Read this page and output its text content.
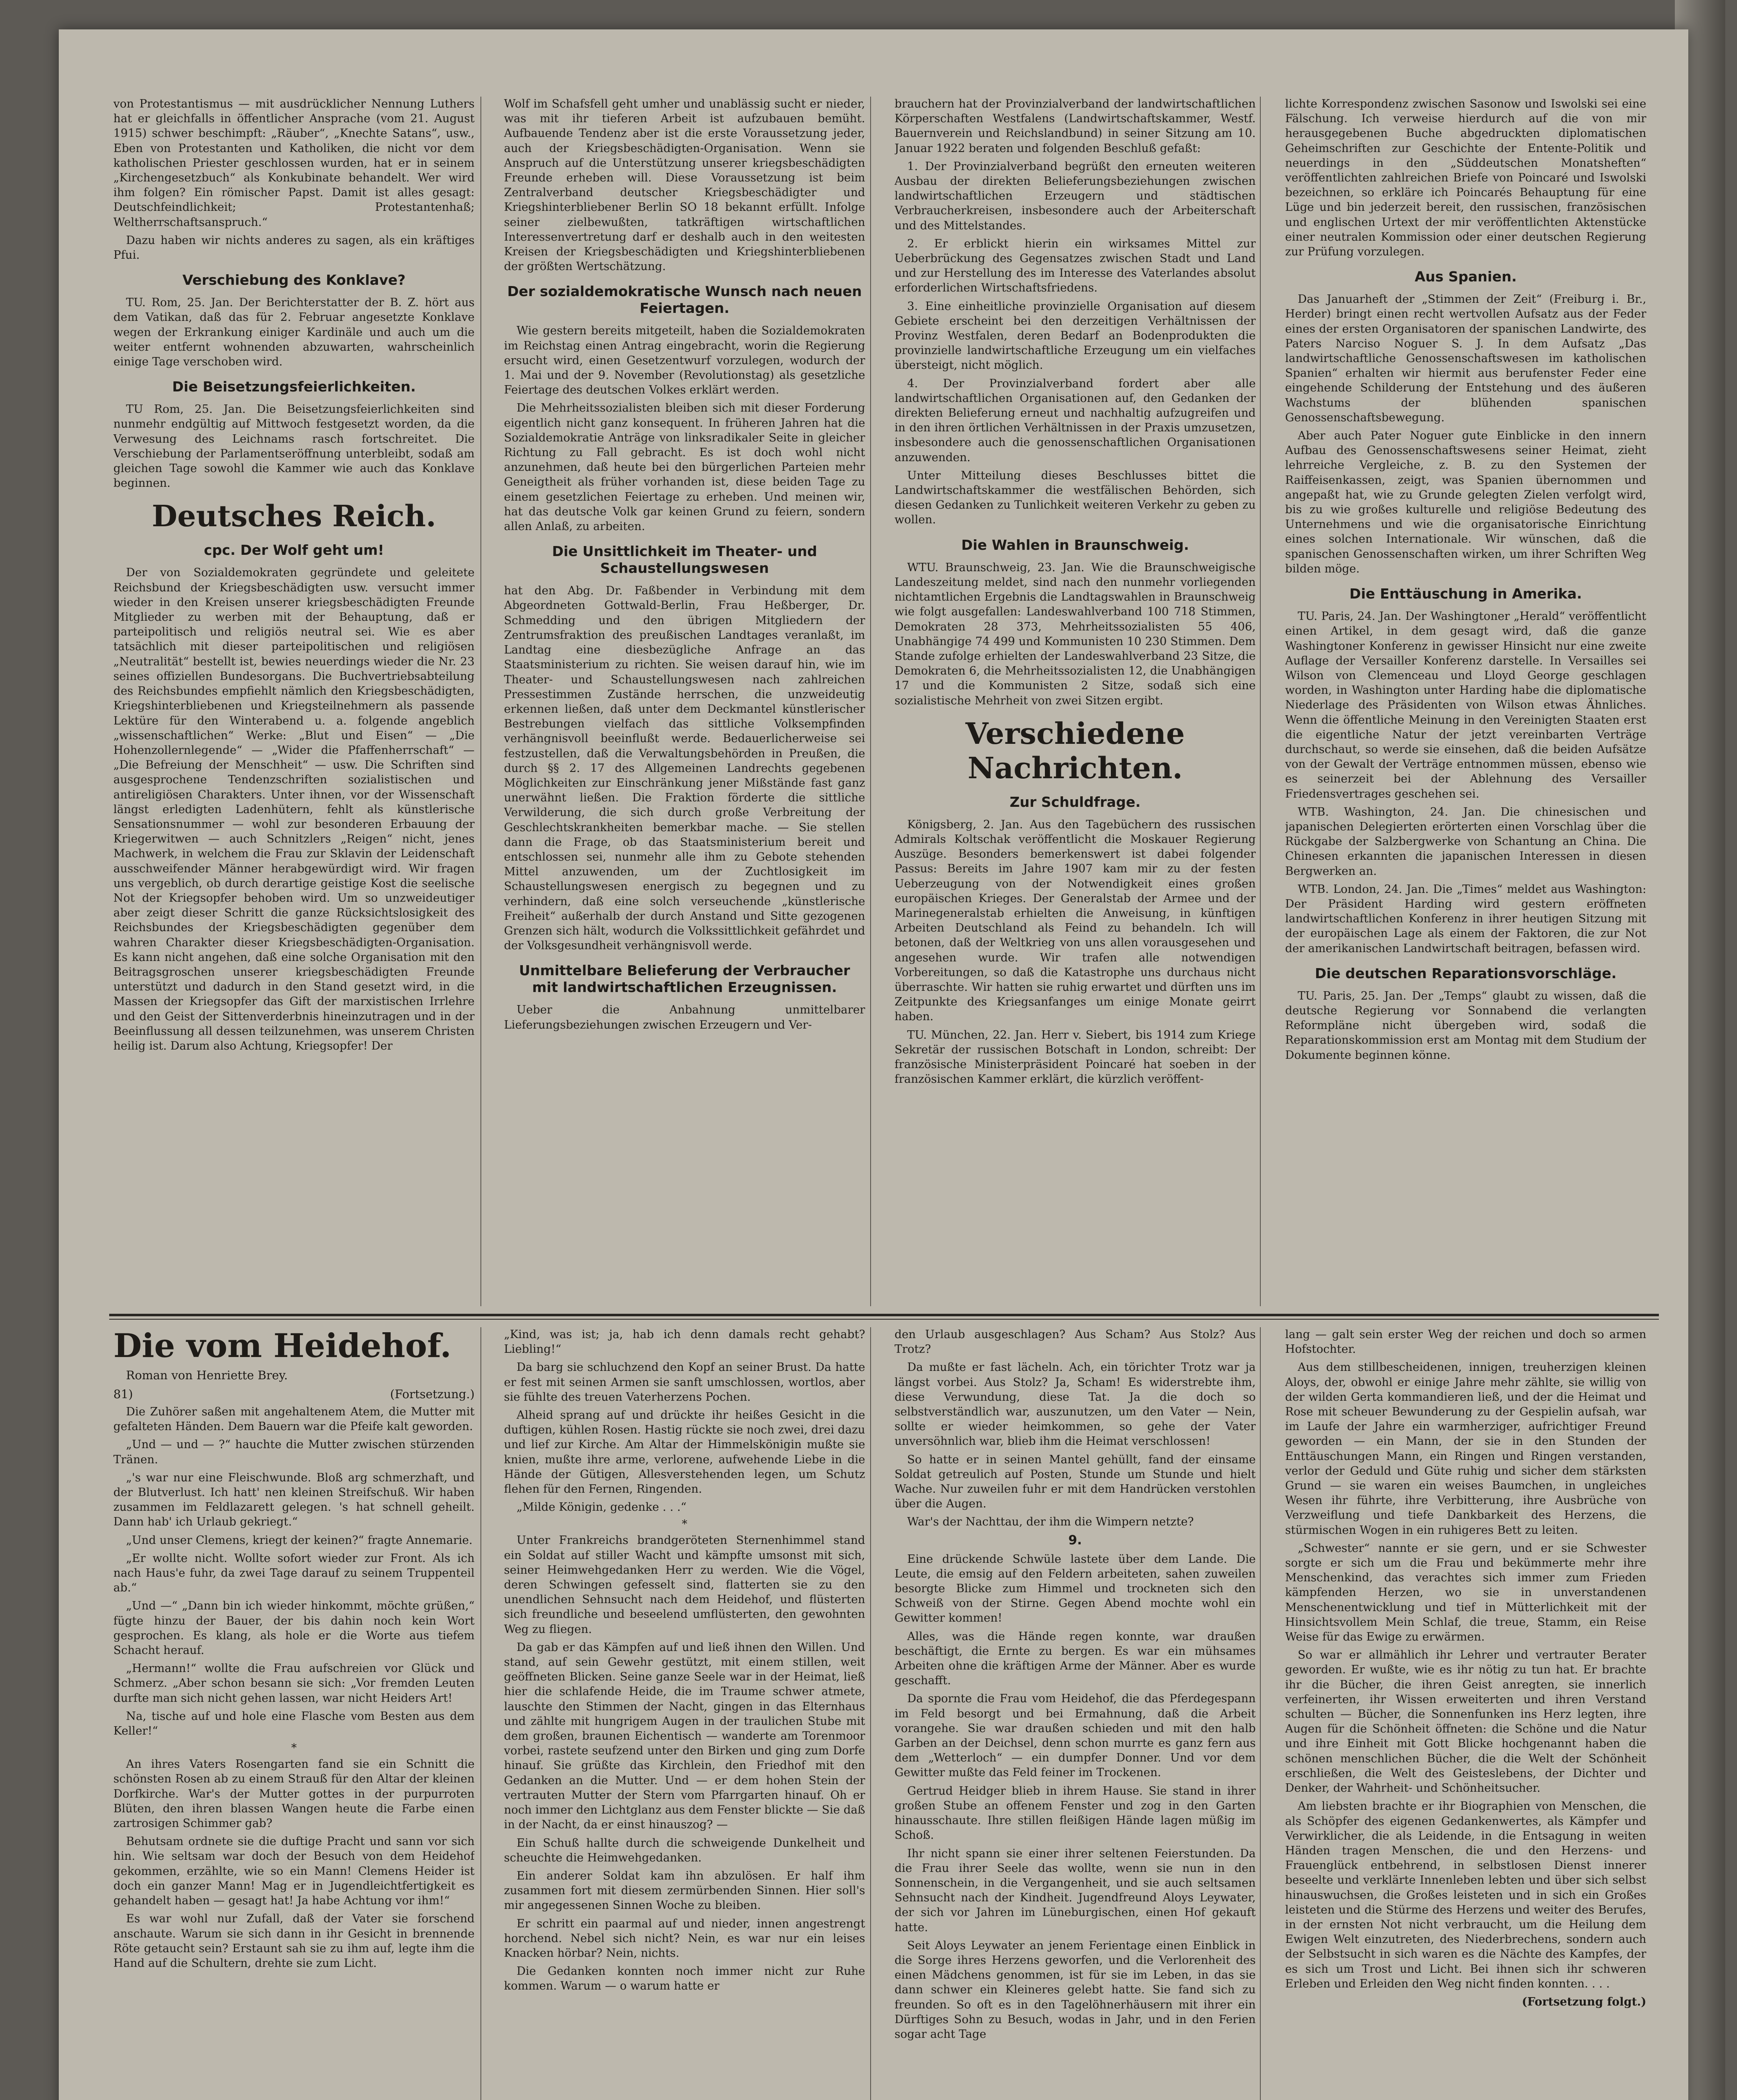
von Protestantismus — mit ausdrücklicher Nennung Luthers hat er gleichfalls in öffentlicher Ansprache (vom 21. August 1915) schwer beschimpft: „Räuber“, „Knechte Satans“, usw., Eben von Protestanten und Katholiken, die nicht vor dem katholischen Priester geschlossen wurden, hat er in seinem „Kirchengesetzbuch“ als Konkubinate behandelt. Wer wird ihm folgen? Ein römischer Papst. Damit ist alles gesagt: Deutschfeindlichkeit; Protestantenhaß; Weltherrschaftsanspruch.“

Dazu haben wir nichts anderes zu sagen, als ein kräftiges Pfui.

Verschiebung des Konklave?

TU. Rom, 25. Jan. Der Berichterstatter der B. Z. hört aus dem Vatikan, daß das für 2. Februar angesetzte Konklave wegen der Erkrankung einiger Kardinäle und auch um die weiter entfernt wohnenden abzuwarten, wahrscheinlich einige Tage verschoben wird.

Die Beisetzungsfeierlichkeiten.

TU Rom, 25. Jan. Die Beisetzungsfeierlichkeiten sind nunmehr endgültig auf Mittwoch festgesetzt worden, da die Verwesung des Leichnams rasch fortschreitet. Die Verschiebung der Parlamentseröffnung unterbleibt, sodaß am gleichen Tage sowohl die Kammer wie auch das Konklave beginnen.

Deutsches Reich.
cpc. Der Wolf geht um!

Der von Sozialdemokraten gegründete und geleitete Reichsbund der Kriegsbeschädigten usw. versucht immer wieder in den Kreisen unserer kriegsbeschädigten Freunde Mitglieder zu werben mit der Behauptung, daß er parteipolitisch und religiös neutral sei. Wie es aber tatsächlich mit dieser parteipolitischen und religiösen „Neutralität“ bestellt ist, bewies neuerdings wieder die Nr. 23 seines offiziellen Bundesorgans. Die Buchvertriebsabteilung des Reichsbundes empfiehlt nämlich den Kriegsbeschädigten, Kriegshinterbliebenen und Kriegsteilnehmern als passende Lektüre für den Winterabend u. a. folgende angeblich „wissenschaftlichen“ Werke: „Blut und Eisen“ — „Die Hohenzollernlegende“ — „Wider die Pfaffenherrschaft“ — „Die Befreiung der Menschheit“ — usw. Die Schriften sind ausgesprochene Tendenzschriften sozialistischen und antireligiösen Charakters. Unter ihnen, vor der Wissenschaft längst erledigten Ladenhütern, fehlt als künstlerische Sensationsnummer — wohl zur besonderen Erbauung der Kriegerwitwen — auch Schnitzlers „Reigen“ nicht, jenes Machwerk, in welchem die Frau zur Sklavin der Leidenschaft ausschweifender Männer herabgewürdigt wird. Wir fragen uns vergeblich, ob durch derartige geistige Kost die seelische Not der Kriegsopfer behoben wird. Um so unzweideutiger aber zeigt dieser Schritt die ganze Rücksichtslosigkeit des Reichsbundes der Kriegsbeschädigten gegenüber dem wahren Charakter dieser Kriegsbeschädigten-Organisation. Es kann nicht angehen, daß eine solche Organisation mit den Beitragsgroschen unserer kriegsbeschädigten Freunde unterstützt und dadurch in den Stand gesetzt wird, in die Massen der Kriegsopfer das Gift der marxistischen Irrlehre und den Geist der Sittenverderbnis hineinzutragen und in der Beeinflussung all dessen teilzunehmen, was unserem Christen heilig ist. Darum also Achtung, Kriegsopfer! Der

Wolf im Schafsfell geht umher und unablässig sucht er nieder, was mit ihr tieferen Arbeit ist aufzubauen bemüht. Aufbauende Tendenz aber ist die erste Voraussetzung jeder, auch der Kriegsbeschädigten-Organisation. Wenn sie Anspruch auf die Unterstützung unserer kriegsbeschädigten Freunde erheben will. Diese Voraussetzung ist beim Zentralverband deutscher Kriegsbeschädigter und Kriegshinterbliebener Berlin SO 18 bekannt erfüllt. Infolge seiner zielbewußten, tatkräftigen wirtschaftlichen Interessenvertretung darf er deshalb auch in den weitesten Kreisen der Kriegsbeschädigten und Kriegshinterbliebenen der größten Wertschätzung.

Der sozialdemokratische Wunsch nach neuen Feiertagen.

Wie gestern bereits mitgeteilt, haben die Sozialdemokraten im Reichstag einen Antrag eingebracht, worin die Regierung ersucht wird, einen Gesetzentwurf vorzulegen, wodurch der 1. Mai und der 9. November (Revolutionstag) als gesetzliche Feiertage des deutschen Volkes erklärt werden.

Die Mehrheitssozialisten bleiben sich mit dieser Forderung eigentlich nicht ganz konsequent. In früheren Jahren hat die Sozialdemokratie Anträge von linksradikaler Seite in gleicher Richtung zu Fall gebracht. Es ist doch wohl nicht anzunehmen, daß heute bei den bürgerlichen Parteien mehr Geneigtheit als früher vorhanden ist, diese beiden Tage zu einem gesetzlichen Feiertage zu erheben. Und meinen wir, hat das deutsche Volk gar keinen Grund zu feiern, sondern allen Anlaß, zu arbeiten.

Die Unsittlichkeit im Theater- und Schaustellungswesen

hat den Abg. Dr. Faßbender in Verbindung mit dem Abgeordneten Gottwald-Berlin, Frau Heßberger, Dr. Schmedding und den übrigen Mitgliedern der Zentrumsfraktion des preußischen Landtages veranlaßt, im Landtag eine diesbezügliche Anfrage an das Staatsministerium zu richten. Sie weisen darauf hin, wie im Theater- und Schaustellungswesen nach zahlreichen Pressestimmen Zustände herrschen, die unzweideutig erkennen ließen, daß unter dem Deckmantel künstlerischer Bestrebungen vielfach das sittliche Volksempfinden verhängnisvoll beeinflußt werde. Bedauerlicherweise sei festzustellen, daß die Verwaltungsbehörden in Preußen, die durch §§ 2. 17 des Allgemeinen Landrechts gegebenen Möglichkeiten zur Einschränkung jener Mißstände fast ganz unerwähnt ließen. Die Fraktion förderte die sittliche Verwilderung, die sich durch große Verbreitung der Geschlechtskrankheiten bemerkbar mache. — Sie stellen dann die Frage, ob das Staatsministerium bereit und entschlossen sei, nunmehr alle ihm zu Gebote stehenden Mittel anzuwenden, um der Zuchtlosigkeit im Schaustellungswesen energisch zu begegnen und zu verhindern, daß eine solch verseuchende „künstlerische Freiheit“ außerhalb der durch Anstand und Sitte gezogenen Grenzen sich hält, wodurch die Volkssittlichkeit gefährdet und der Volksgesundheit verhängnisvoll werde.

Unmittelbare Belieferung der Verbraucher mit landwirtschaftlichen Erzeugnissen.

Ueber die Anbahnung unmittelbarer Lieferungsbeziehungen zwischen Erzeugern und Ver-

brauchern hat der Provinzialverband der landwirtschaftlichen Körperschaften Westfalens (Landwirtschaftskammer, Westf. Bauernverein und Reichslandbund) in seiner Sitzung am 10. Januar 1922 beraten und folgenden Beschluß gefaßt:

1. Der Provinzialverband begrüßt den erneuten weiteren Ausbau der direkten Belieferungsbeziehungen zwischen landwirtschaftlichen Erzeugern und städtischen Verbraucherkreisen, insbesondere auch der Arbeiterschaft und des Mittelstandes.

2. Er erblickt hierin ein wirksames Mittel zur Ueberbrückung des Gegensatzes zwischen Stadt und Land und zur Herstellung des im Interesse des Vaterlandes absolut erforderlichen Wirtschaftsfriedens.

3. Eine einheitliche provinzielle Organisation auf diesem Gebiete erscheint bei den derzeitigen Verhältnissen der Provinz Westfalen, deren Bedarf an Bodenprodukten die provinzielle landwirtschaftliche Erzeugung um ein vielfaches übersteigt, nicht möglich.

4. Der Provinzialverband fordert aber alle landwirtschaftlichen Organisationen auf, den Gedanken der direkten Belieferung erneut und nachhaltig aufzugreifen und in den ihren örtlichen Verhältnissen in der Praxis umzusetzen, insbesondere auch die genossenschaftlichen Organisationen anzuwenden.

Unter Mitteilung dieses Beschlusses bittet die Landwirtschaftskammer die westfälischen Behörden, sich diesen Gedanken zu Tunlichkeit weiteren Verkehr zu geben zu wollen.

Die Wahlen in Braunschweig.

WTU. Braunschweig, 23. Jan. Wie die Braunschweigische Landeszeitung meldet, sind nach den nunmehr vorliegenden nichtamtlichen Ergebnis die Landtagswahlen in Braunschweig wie folgt ausgefallen: Landeswahlverband 100 718 Stimmen, Demokraten 28 373, Mehrheitssozialisten 55 406, Unabhängige 74 499 und Kommunisten 10 230 Stimmen. Dem Stande zufolge erhielten der Landeswahlverband 23 Sitze, die Demokraten 6, die Mehrheitssozialisten 12, die Unabhängigen 17 und die Kommunisten 2 Sitze, sodaß sich eine sozialistische Mehrheit von zwei Sitzen ergibt.

Verschiedene Nachrichten.
Zur Schuldfrage.

Königsberg, 2. Jan. Aus den Tagebüchern des russischen Admirals Koltschak veröffentlicht die Moskauer Regierung Auszüge. Besonders bemerkenswert ist dabei folgender Passus: Bereits im Jahre 1907 kam mir zu der festen Ueberzeugung von der Notwendigkeit eines großen europäischen Krieges. Der Generalstab der Armee und der Marinegeneralstab erhielten die Anweisung, in künftigen Arbeiten Deutschland als Feind zu behandeln. Ich will betonen, daß der Weltkrieg von uns allen vorausgesehen und angesehen wurde. Wir trafen alle notwendigen Vorbereitungen, so daß die Katastrophe uns durchaus nicht überraschte. Wir hatten sie ruhig erwartet und dürften uns im Zeitpunkte des Kriegsanfanges um einige Monate geirrt haben.

TU. München, 22. Jan. Herr v. Siebert, bis 1914 zum Kriege Sekretär der russischen Botschaft in London, schreibt: Der französische Ministerpräsident Poincaré hat soeben in der französischen Kammer erklärt, die kürzlich veröffent-

lichte Korrespondenz zwischen Sasonow und Iswolski sei eine Fälschung. Ich verweise hierdurch auf die von mir herausgegebenen Buche abgedruckten diplomatischen Geheimschriften zur Geschichte der Entente-Politik und neuerdings in den „Süddeutschen Monatsheften“ veröffentlichten zahlreichen Briefe von Poincaré und Iswolski bezeichnen, so erkläre ich Poincarés Behauptung für eine Lüge und bin jederzeit bereit, den russischen, französischen und englischen Urtext der mir veröffentlichten Aktenstücke einer neutralen Kommission oder einer deutschen Regierung zur Prüfung vorzulegen.

Aus Spanien.

Das Januarheft der „Stimmen der Zeit“ (Freiburg i. Br., Herder) bringt einen recht wertvollen Aufsatz aus der Feder eines der ersten Organisatoren der spanischen Landwirte, des Paters Narciso Noguer S. J. In dem Aufsatz „Das landwirtschaftliche Genossenschaftswesen im katholischen Spanien“ erhalten wir hiermit aus berufenster Feder eine eingehende Schilderung der Entstehung und des äußeren Wachstums der blühenden spanischen Genossenschaftsbewegung.

Aber auch Pater Noguer gute Einblicke in den innern Aufbau des Genossenschaftswesens seiner Heimat, zieht lehrreiche Vergleiche, z. B. zu den Systemen der Raiffeisenkassen, zeigt, was Spanien übernommen und angepaßt hat, wie zu Grunde gelegten Zielen verfolgt wird, bis zu wie großes kulturelle und religiöse Bedeutung des Unternehmens und wie die organisatorische Einrichtung eines solchen Internationale. Wir wünschen, daß die spanischen Genossenschaften wirken, um ihrer Schriften Weg bilden möge.

Die Enttäuschung in Amerika.

TU. Paris, 24. Jan. Der Washingtoner „Herald“ veröffentlicht einen Artikel, in dem gesagt wird, daß die ganze Washingtoner Konferenz in gewisser Hinsicht nur eine zweite Auflage der Versailler Konferenz darstelle. In Versailles sei Wilson von Clemenceau und Lloyd George geschlagen worden, in Washington unter Harding habe die diplomatische Niederlage des Präsidenten von Wilson etwas Ähnliches. Wenn die öffentliche Meinung in den Vereinigten Staaten erst die eigentliche Natur der jetzt vereinbarten Verträge durchschaut, so werde sie einsehen, daß die beiden Aufsätze von der Gewalt der Verträge entnommen müssen, ebenso wie es seinerzeit bei der Ablehnung des Versailler Friedensvertrages geschehen sei.

WTB. Washington, 24. Jan. Die chinesischen und japanischen Delegierten erörterten einen Vorschlag über die Rückgabe der Salzbergwerke von Schantung an China. Die Chinesen erkannten die japanischen Interessen in diesen Bergwerken an.

WTB. London, 24. Jan. Die „Times“ meldet aus Washington: Der Präsident Harding wird gestern eröffneten landwirtschaftlichen Konferenz in ihrer heutigen Sitzung mit der europäischen Lage als einem der Faktoren, die zur Not der amerikanischen Landwirtschaft beitragen, befassen wird.

Die deutschen Reparationsvorschläge.

TU. Paris, 25. Jan. Der „Temps“ glaubt zu wissen, daß die deutsche Regierung vor Sonnabend die verlangten Reformpläne nicht übergeben wird, sodaß die Reparationskommission erst am Montag mit dem Studium der Dokumente beginnen könne.

Die vom Heidehof.
Roman von Henriette Brey.
81)	(Fortsetzung.)

Die Zuhörer saßen mit angehaltenem Atem, die Mutter mit gefalteten Händen. Dem Bauern war die Pfeife kalt geworden.

„Und — und — ?“ hauchte die Mutter zwischen stürzenden Tränen.

„'s war nur eine Fleischwunde. Bloß arg schmerzhaft, und der Blutverlust. Ich hatt' nen kleinen Streifschuß. Wir haben zusammen im Feldlazarett gelegen. 's hat schnell geheilt. Dann hab' ich Urlaub gekriegt.“

„Und unser Clemens, kriegt der keinen?“ fragte Annemarie.

„Er wollte nicht. Wollte sofort wieder zur Front. Als ich nach Haus'e fuhr, da zwei Tage darauf zu seinem Truppenteil ab.“

„Und —“ „Dann bin ich wieder hinkommt, möchte grüßen,“ fügte hinzu der Bauer, der bis dahin noch kein Wort gesprochen. Es klang, als hole er die Worte aus tiefem Schacht herauf.

„Hermann!“ wollte die Frau aufschreien vor Glück und Schmerz. „Aber schon besann sie sich: „Vor fremden Leuten durfte man sich nicht gehen lassen, war nicht Heiders Art!

Na, tische auf und hole eine Flasche vom Besten aus dem Keller!“

*

An ihres Vaters Rosengarten fand sie ein Schnitt die schönsten Rosen ab zu einem Strauß für den Altar der kleinen Dorfkirche. War's der Mutter gottes in der purpurroten Blüten, den ihren blassen Wangen heute die Farbe einen zartrosigen Schimmer gab?

Behutsam ordnete sie die duftige Pracht und sann vor sich hin. Wie seltsam war doch der Besuch von dem Heidehof gekommen, erzählte, wie so ein Mann! Clemens Heider ist doch ein ganzer Mann! Mag er in Jugendleichtfertigkeit es gehandelt haben — gesagt hat! Ja habe Achtung vor ihm!“

Es war wohl nur Zufall, daß der Vater sie forschend anschaute. Warum sie sich dann in ihr Gesicht in brennende Röte getaucht sein? Erstaunt sah sie zu ihm auf, legte ihm die Hand auf die Schultern, drehte sie zum Licht.

„Kind, was ist; ja, hab ich denn damals recht gehabt? Liebling!“

Da barg sie schluchzend den Kopf an seiner Brust. Da hatte er fest mit seinen Armen sie sanft umschlossen, wortlos, aber sie fühlte des treuen Vaterherzens Pochen.

Alheid sprang auf und drückte ihr heißes Gesicht in die duftigen, kühlen Rosen. Hastig rückte sie noch zwei, drei dazu und lief zur Kirche. Am Altar der Himmelskönigin mußte sie knien, mußte ihre arme, verlorene, aufwehende Liebe in die Hände der Gütigen, Allesverstehenden legen, um Schutz flehen für den Fernen, Ringenden.

„Milde Königin, gedenke . . .“

*

Unter Frankreichs brandgeröteten Sternenhimmel stand ein Soldat auf stiller Wacht und kämpfte umsonst mit sich, seiner Heimwehgedanken Herr zu werden. Wie die Vögel, deren Schwingen gefesselt sind, flatterten sie zu den unendlichen Sehnsucht nach dem Heidehof, und flüsterten sich freundliche und beseelend umflüsterten, den gewohnten Weg zu fliegen.

Da gab er das Kämpfen auf und ließ ihnen den Willen. Und stand, auf sein Gewehr gestützt, mit einem stillen, weit geöffneten Blicken. Seine ganze Seele war in der Heimat, ließ hier die schlafende Heide, die im Traume schwer atmete, lauschte den Stimmen der Nacht, gingen in das Elternhaus und zählte mit hungrigem Augen in der traulichen Stube mit dem großen, braunen Eichentisch — wanderte am Torenmoor vorbei, rastete seufzend unter den Birken und ging zum Dorfe hinauf. Sie grüßte das Kirchlein, den Friedhof mit den Gedanken an die Mutter. Und — er dem hohen Stein der vertrauten Mutter der Stern vom Pfarrgarten hinauf. Oh er noch immer den Lichtglanz aus dem Fenster blickte — Sie daß in der Nacht, da er einst hinauszog? —

Ein Schuß hallte durch die schweigende Dunkelheit und scheuchte die Heimwehgedanken.

Ein anderer Soldat kam ihn abzulösen. Er half ihm zusammen fort mit diesem zermürbenden Sinnen. Hier soll's mir angegessenen Sinnen Woche zu bleiben.

Er schritt ein paarmal auf und nieder, innen angestrengt horchend. Nebel sich nicht? Nein, es war nur ein leises Knacken hörbar? Nein, nichts.

Die Gedanken konnten noch immer nicht zur Ruhe kommen. Warum — o warum hatte er

den Urlaub ausgeschlagen? Aus Scham? Aus Stolz? Aus Trotz?

Da mußte er fast lächeln. Ach, ein törichter Trotz war ja längst vorbei. Aus Stolz? Ja, Scham! Es widerstrebte ihm, diese Verwundung, diese Tat. Ja die doch so selbstverständlich war, auszunutzen, um den Vater — Nein, sollte er wieder heimkommen, so gehe der Vater unversöhnlich war, blieb ihm die Heimat verschlossen!

So hatte er in seinen Mantel gehüllt, fand der einsame Soldat getreulich auf Posten, Stunde um Stunde und hielt Wache. Nur zuweilen fuhr er mit dem Handrücken verstohlen über die Augen.

War's der Nachttau, der ihm die Wimpern netzte?

9.

Eine drückende Schwüle lastete über dem Lande. Die Leute, die emsig auf den Feldern arbeiteten, sahen zuweilen besorgte Blicke zum Himmel und trockneten sich den Schweiß von der Stirne. Gegen Abend mochte wohl ein Gewitter kommen!

Alles, was die Hände regen konnte, war draußen beschäftigt, die Ernte zu bergen. Es war ein mühsames Arbeiten ohne die kräftigen Arme der Männer. Aber es wurde geschafft.

Da spornte die Frau vom Heidehof, die das Pferdegespann im Feld besorgt und bei Ermahnung, daß die Arbeit vorangehe. Sie war draußen schieden und mit den halb Garben an der Deichsel, denn schon murrte es ganz fern aus dem „Wetterloch“ — ein dumpfer Donner. Und vor dem Gewitter mußte das Feld feiner im Trockenen.

Gertrud Heidger blieb in ihrem Hause. Sie stand in ihrer großen Stube an offenem Fenster und zog in den Garten hinausschaute. Ihre stillen fleißigen Hände lagen müßig im Schoß.

Ihr nicht spann sie einer ihrer seltenen Feierstunden. Da die Frau ihrer Seele das wollte, wenn sie nun in den Sonnenschein, in die Vergangenheit, und sie auch seltsamen Sehnsucht nach der Kindheit. Jugendfreund Aloys Leywater, der sich vor Jahren im Lüneburgischen, einen Hof gekauft hatte.

Seit Aloys Leywater an jenem Ferientage einen Einblick in die Sorge ihres Herzens geworfen, und die Verlorenheit des einen Mädchens genommen, ist für sie im Leben, in das sie dann schwer ein Kleineres gelebt hatte. Sie fand sich zu freunden. So oft es in den Tagelöhnerhäusern mit ihrer ein Dürftiges Sohn zu Besuch, wodas in Jahr, und in den Ferien sogar acht Tage

lang — galt sein erster Weg der reichen und doch so armen Hofstochter.

Aus dem stillbescheidenen, innigen, treuherzigen kleinen Aloys, der, obwohl er einige Jahre mehr zählte, sie willig von der wilden Gerta kommandieren ließ, und der die Heimat und Rose mit scheuer Bewunderung zu der Gespielin aufsah, war im Laufe der Jahre ein warmherziger, aufrichtiger Freund geworden — ein Mann, der sie in den Stunden der Enttäuschungen Mann, ein Ringen und Ringen verstanden, verlor der Geduld und Güte ruhig und sicher dem stärksten Grund — sie waren ein weises Baumchen, in ungleiches Wesen ihr führte, ihre Verbitterung, ihre Ausbrüche von Verzweiflung und tiefe Dankbarkeit des Herzens, die stürmischen Wogen in ein ruhigeres Bett zu leiten.

„Schwester“ nannte er sie gern, und er sie Schwester sorgte er sich um die Frau und bekümmerte mehr ihre Menschenkind, das verachtes sich immer zum Frieden kämpfenden Herzen, wo sie in unverstandenen Menschenentwicklung und tief in Mütterlichkeit mit der Hinsichtsvollem Mein Schlaf, die treue, Stamm, ein Reise Weise für das Ewige zu erwärmen.

So war er allmählich ihr Lehrer und vertrauter Berater geworden. Er wußte, wie es ihr nötig zu tun hat. Er brachte ihr die Bücher, die ihren Geist anregten, sie innerlich verfeinerten, ihr Wissen erweiterten und ihren Verstand schulten — Bücher, die Sonnenfunken ins Herz legten, ihre Augen für die Schönheit öffneten: die Schöne und die Natur und ihre Einheit mit Gott Blicke hochgenannt haben die schönen menschlichen Bücher, die die Welt der Schönheit erschließen, die Welt des Geisteslebens, der Dichter und Denker, der Wahrheit- und Schönheitsucher.

Am liebsten brachte er ihr Biographien von Menschen, die als Schöpfer des eigenen Gedankenwertes, als Kämpfer und Verwirklicher, die als Leidende, in die Entsagung in weiten Händen tragen Menschen, die und den Herzens- und Frauenglück entbehrend, in selbstlosen Dienst innerer beseelte und verklärte Innenleben lebten und über sich selbst hinauswuchsen, die Großes leisteten und in sich ein Großes leisteten und die Stürme des Herzens und weiter des Berufes, in der ernsten Not nicht verbraucht, um die Heilung dem Ewigen Welt einzutreten, des Niederbrechens, sondern auch der Selbstsucht in sich waren es die Nächte des Kampfes, der es sich um Trost und Licht. Bei ihnen sich ihr schweren Erleben und Erleiden den Weg nicht finden konnten. . . .

(Fortsetzung folgt.)
